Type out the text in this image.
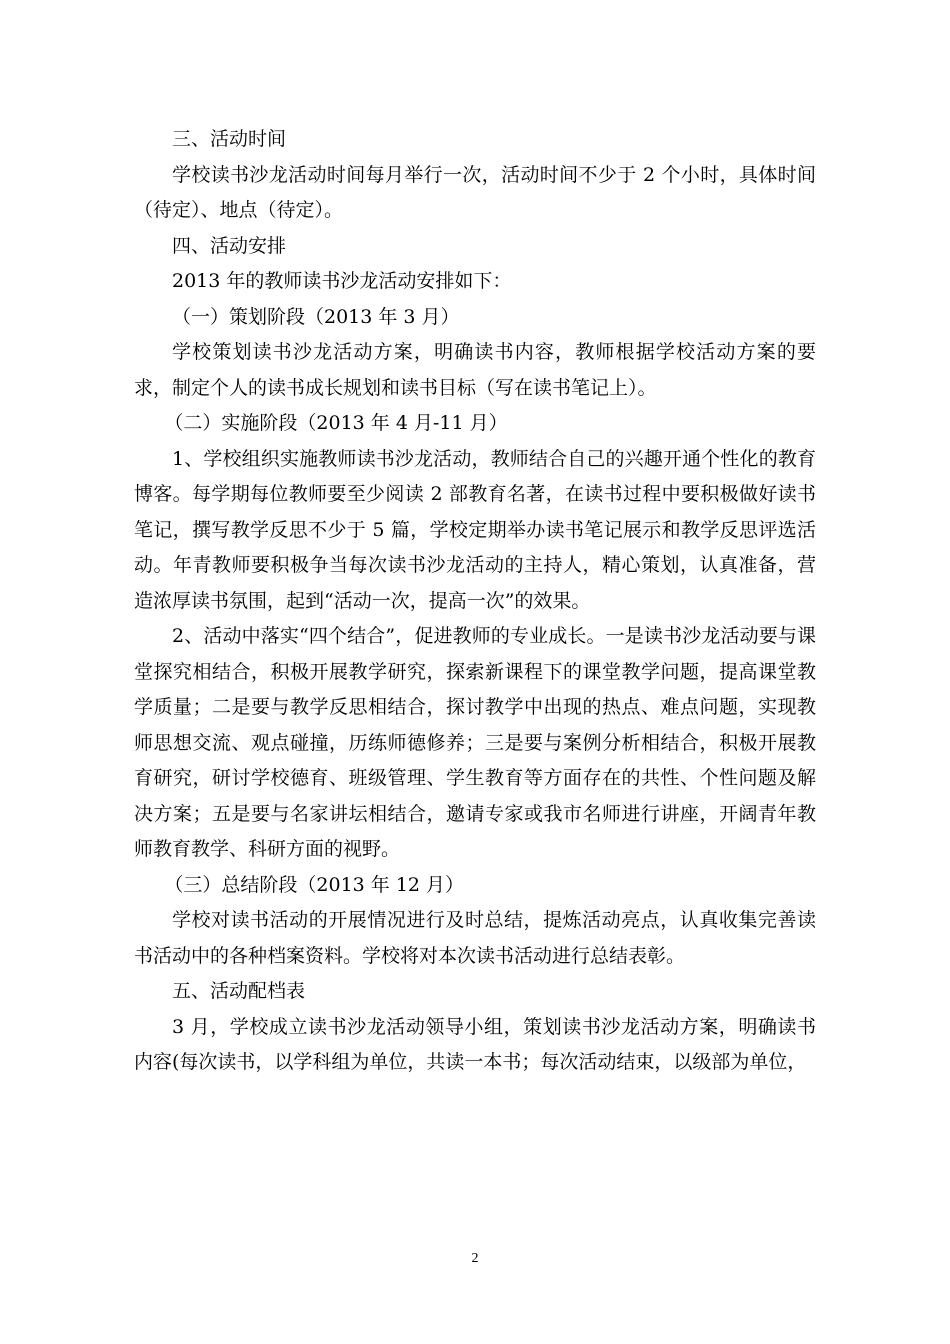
三、活动时间

学校读书沙龙活动时间每月举行一次，活动时间不少于 2 个小时，具体时间（待定）、地点（待定）。

四、活动安排

2013 年的教师读书沙龙活动安排如下：

（一）策划阶段（2013 年 3 月）

学校策划读书沙龙活动方案，明确读书内容，教师根据学校活动方案的要求，制定个人的读书成长规划和读书目标（写在读书笔记上）。

（二）实施阶段（2013 年 4 月-11 月）

1、学校组织实施教师读书沙龙活动，教师结合自己的兴趣开通个性化的教育博客。每学期每位教师要至少阅读 2 部教育名著，在读书过程中要积极做好读书笔记，撰写教学反思不少于 5 篇，学校定期举办读书笔记展示和教学反思评选活动。年青教师要积极争当每次读书沙龙活动的主持人，精心策划，认真准备，营造浓厚读书氛围，起到“活动一次，提高一次”的效果。

2、活动中落实“四个结合”，促进教师的专业成长。一是读书沙龙活动要与课堂探究相结合，积极开展教学研究，探索新课程下的课堂教学问题，提高课堂教学质量；二是要与教学反思相结合，探讨教学中出现的热点、难点问题，实现教师思想交流、观点碰撞，历练师德修养；三是要与案例分析相结合，积极开展教育研究，研讨学校德育、班级管理、学生教育等方面存在的共性、个性问题及解决方案；五是要与名家讲坛相结合，邀请专家或我市名师进行讲座，开阔青年教师教育教学、科研方面的视野。

（三）总结阶段（2013 年 12 月）

学校对读书活动的开展情况进行及时总结，提炼活动亮点，认真收集完善读书活动中的各种档案资料。学校将对本次读书活动进行总结表彰。

五、活动配档表

3 月，学校成立读书沙龙活动领导小组，策划读书沙龙活动方案，明确读书内容(每次读书，以学科组为单位，共读一本书；每次活动结束，以级部为单位，

2
